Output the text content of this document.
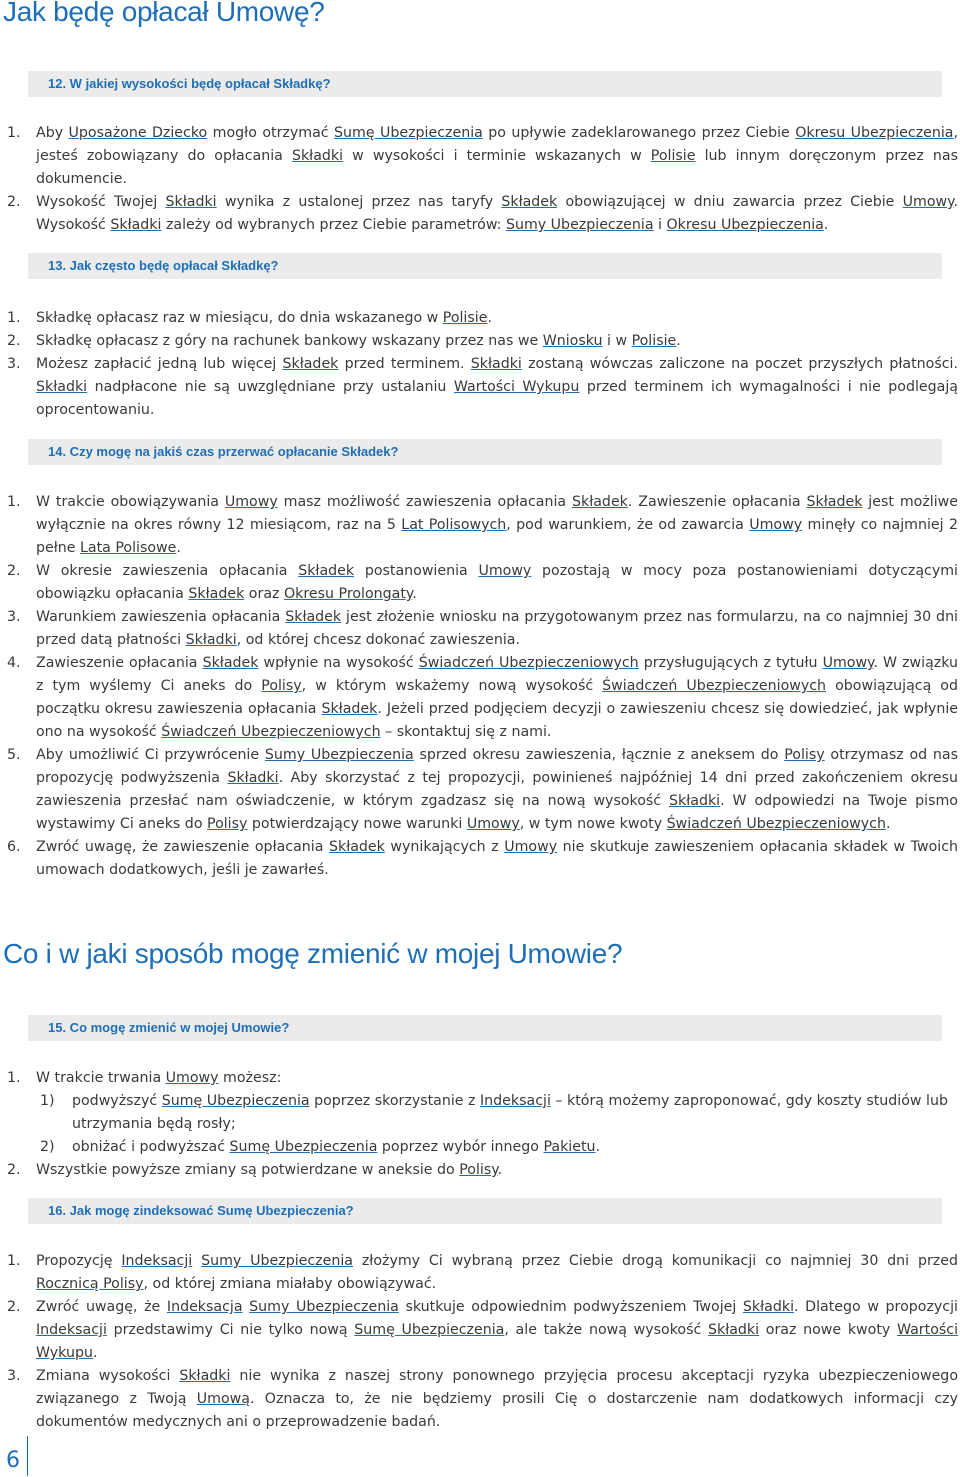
Jak będę opłacał Umowę?
12. W jakiej wysokości będę opłacał Składkę?
1. Aby Uposażone Dziecko mogło otrzymać Sumę Ubezpieczenia po upływie zadeklarowanego przez Ciebie Okresu Ubezpieczenia, jesteś zobowiązany do opłacania Składki w wysokości i terminie wskazanych w Polisie lub innym doręczonym przez nas dokumencie.
2. Wysokość Twojej Składki wynika z ustalonej przez nas taryfy Składek obowiązującej w dniu zawarcia przez Ciebie Umowy. Wysokość Składki zależy od wybranych przez Ciebie parametrów: Sumy Ubezpieczenia i Okresu Ubezpieczenia.
13. Jak często będę opłacał Składkę?
1. Składkę opłacasz raz w miesiącu, do dnia wskazanego w Polisie.
2. Składkę opłacasz z góry na rachunek bankowy wskazany przez nas we Wniosku i w Polisie.
3. Możesz zapłacić jedną lub więcej Składek przed terminem. Składki zostaną wówczas zaliczone na poczet przyszłych płatności. Składki nadpłacone nie są uwzględniane przy ustalaniu Wartości Wykupu przed terminem ich wymagalności i nie podlegają oprocentowaniu.
14. Czy mogę na jakiś czas przerwać opłacanie Składek?
1. W trakcie obowiązywania Umowy masz możliwość zawieszenia opłacania Składek. Zawieszenie opłacania Składek jest możliwe wyłącznie na okres równy 12 miesiącom, raz na 5 Lat Polisowych, pod warunkiem, że od zawarcia Umowy minęły co najmniej 2 pełne Lata Polisowe.
2. W okresie zawieszenia opłacania Składek postanowienia Umowy pozostają w mocy poza postanowieniami dotyczącymi obowiązku opłacania Składek oraz Okresu Prolongaty.
3. Warunkiem zawieszenia opłacania Składek jest złożenie wniosku na przygotowanym przez nas formularzu, na co najmniej 30 dni przed datą płatności Składki, od której chcesz dokonać zawieszenia.
4. Zawieszenie opłacania Składek wpłynie na wysokość Świadczeń Ubezpieczeniowych przysługujących z tytułu Umowy. W związku z tym wyślemy Ci aneks do Polisy, w którym wskażemy nową wysokość Świadczeń Ubezpieczeniowych obowiązującą od początku okresu zawieszenia opłacania Składek. Jeżeli przed podjęciem decyzji o zawieszeniu chcesz się dowiedzieć, jak wpłynie ono na wysokość Świadczeń Ubezpieczeniowych – skontaktuj się z nami.
5. Aby umożliwić Ci przywrócenie Sumy Ubezpieczenia sprzed okresu zawieszenia, łącznie z aneksem do Polisy otrzymasz od nas propozycję podwyższenia Składki. Aby skorzystać z tej propozycji, powinieneś najpóźniej 14 dni przed zakończeniem okresu zawieszenia przesłać nam oświadczenie, w którym zgadzasz się na nową wysokość Składki. W odpowiedzi na Twoje pismo wystawimy Ci aneks do Polisy potwierdzający nowe warunki Umowy, w tym nowe kwoty Świadczeń Ubezpieczeniowych.
6. Zwróć uwagę, że zawieszenie opłacania Składek wynikających z Umowy nie skutkuje zawieszeniem opłacania składek w Twoich umowach dodatkowych, jeśli je zawarłeś.
Co i w jaki sposób mogę zmienić w mojej Umowie?
15. Co mogę zmienić w mojej Umowie?
1. W trakcie trwania Umowy możesz:
1) podwyższyć Sumę Ubezpieczenia poprzez skorzystanie z Indeksacji – którą możemy zaproponować, gdy koszty studiów lub utrzymania będą rosły;
2) obniżać i podwyższać Sumę Ubezpieczenia poprzez wybór innego Pakietu.
2. Wszystkie powyższe zmiany są potwierdzane w aneksie do Polisy.
16. Jak mogę zindeksować Sumę Ubezpieczenia?
1. Propozycję Indeksacji Sumy Ubezpieczenia złożymy Ci wybraną przez Ciebie drogą komunikacji co najmniej 30 dni przed Rocznicą Polisy, od której zmiana miałaby obowiązywać.
2. Zwróć uwagę, że Indeksacja Sumy Ubezpieczenia skutkuje odpowiednim podwyższeniem Twojej Składki. Dlatego w propozycji Indeksacji przedstawimy Ci nie tylko nową Sumę Ubezpieczenia, ale także nową wysokość Składki oraz nowe kwoty Wartości Wykupu.
3. Zmiana wysokości Składki nie wynika z naszej strony ponownego przyjęcia procesu akceptacji ryzyka ubezpieczeniowego związanego z Twoją Umową. Oznacza to, że nie będziemy prosili Cię o dostarczenie nam dodatkowych informacji czy dokumentów medycznych ani o przeprowadzenie badań.
6
